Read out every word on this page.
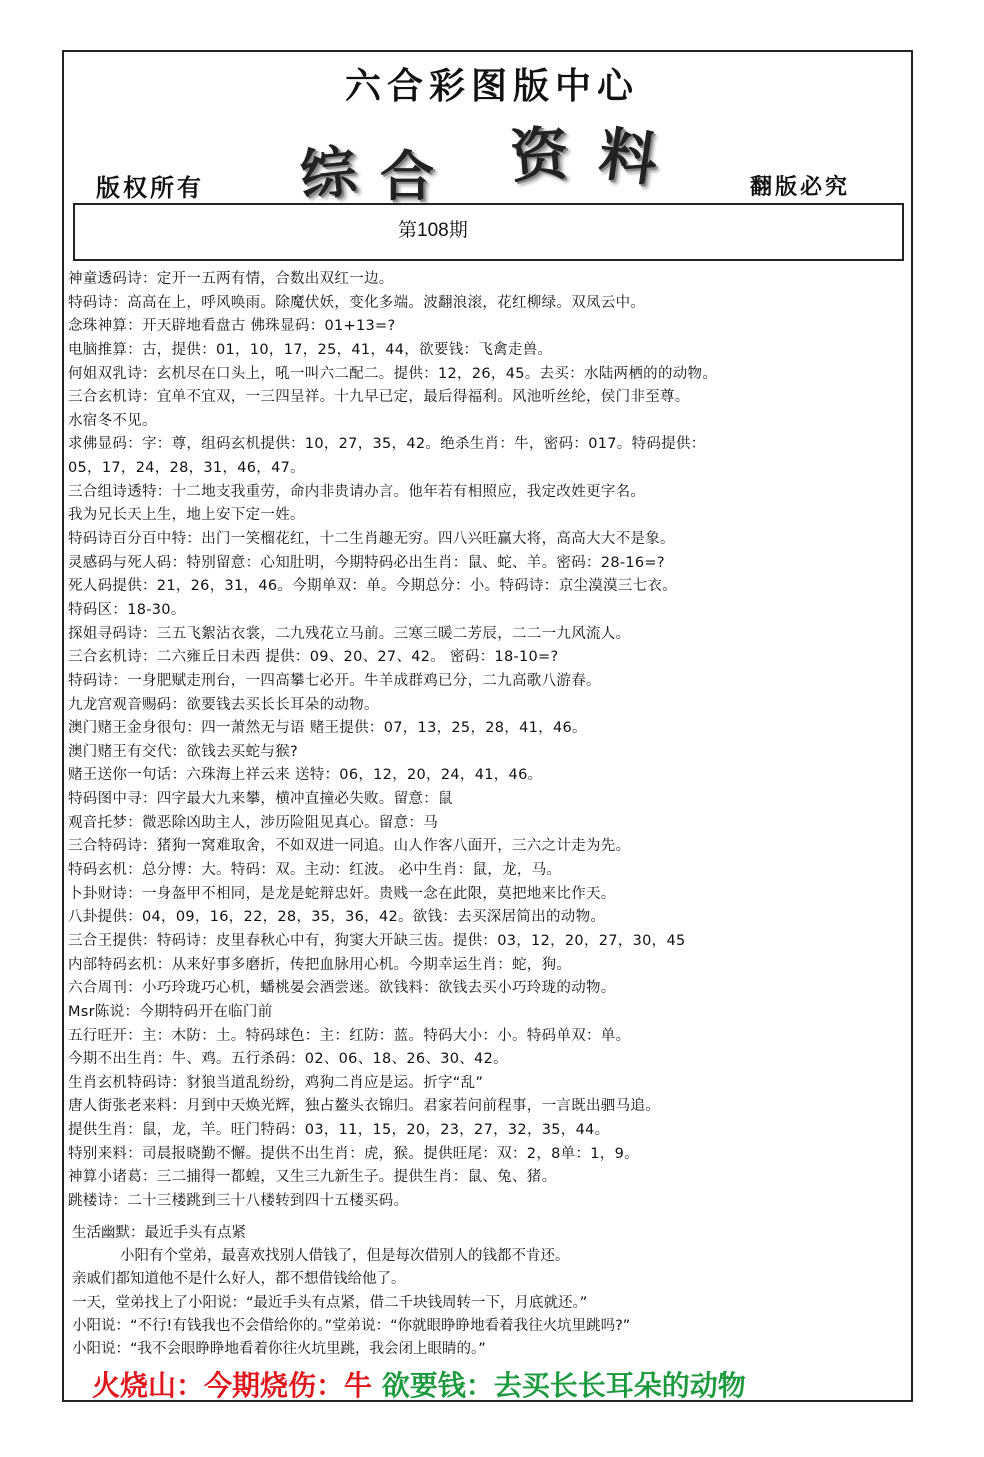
六合彩图版中心
综 合 资 料
版权所有	翻版必究
第108期
神童透码诗：定开一五两有情，合数出双红一边。
特码诗：高高在上，呼风唤雨。除魔伏妖，变化多端。波翻浪滚，花红柳绿。双凤云中。
念珠神算：开天辟地看盘古 佛珠显码：01+13=?
电脑推算：古，提供：01，10，17，25，41，44，欲要钱：飞禽走兽。
何姐双乳诗：玄机尽在口头上，吼一叫六二配二。提供：12，26，45。去买：水陆两栖的的动物。
三合玄机诗：宜单不宜双，一三四呈祥。十九早已定，最后得福利。风池听丝纶，侯门非至尊。
水宿冬不见。
求佛显码：字：尊，组码玄机提供：10，27，35，42。绝杀生肖：牛，密码：017。特码提供：
05，17，24，28，31，46，47。
三合组诗透特：十二地支我重劳，命内非贵请办言。他年若有相照应，我定改姓更字名。
我为兄长天上生，地上安下定一姓。
特码诗百分百中特：出门一笑榴花红，十二生肖趣无穷。四八兴旺赢大将，高高大大不是象。
灵感码与死人码：特别留意：心知肚明，今期特码必出生肖：鼠、蛇、羊。密码：28-16=?
死人码提供：21，26，31，46。今期单双：单。今期总分：小。特码诗：京尘漠漠三七衣。
特码区：18-30。
探姐寻码诗：三五飞絮沾衣裳，二九残花立马前。三寒三暖二芳辰，二二一九风流人。
三合玄机诗：二六雍丘日未西 提供：09、20、27、42。 密码：18-10=?
特码诗：一身肥赋走刑台，一四高攀七必开。牛羊成群鸡已分，二九高歌八游春。
九龙宫观音赐码：欲要钱去买长长耳朵的动物。
澳门赌王金身很句：四一萧然无与语 赌王提供：07，13，25，28，41，46。
澳门赌王有交代：欲钱去买蛇与猴?
赌王送你一句话：六珠海上祥云来 送特：06，12，20，24，41，46。
特码图中寻：四字最大九来攀，横冲直撞必失败。留意：鼠
观音托梦：微恶除凶助主人，涉历险阻见真心。留意：马
三合特码诗：猪狗一窝难取舍，不如双进一同追。山人作客八面开，三六之计走为先。
特码玄机：总分博：大。特码：双。主动：红波。 必中生肖：鼠，龙，马。
卜卦财诗：一身盔甲不相同，是龙是蛇辩忠奸。贵贱一念在此限，莫把地来比作天。
八卦提供：04，09，16，22，28，35，36，42。欲钱：去买深居简出的动物。
三合王提供：特码诗：皮里春秋心中有，狗窦大开缺三齿。提供：03，12，20，27，30，45
内部特码玄机：从来好事多磨折，传把血脉用心机。今期幸运生肖：蛇，狗。
六合周刊：小巧玲珑巧心机，蟠桃晏会酒尝迷。欲钱料：欲钱去买小巧玲珑的动物。
Msr陈说：今期特码开在临门前
五行旺开：主：木防：土。特码球色：主：红防：蓝。特码大小：小。特码单双：单。
今期不出生肖：牛、鸡。五行杀码：02、06、18、26、30、42。
生肖玄机特码诗：豺狼当道乱纷纷，鸡狗二肖应是运。折字“乱”
唐人街张老来料：月到中天焕光辉，独占鳌头衣锦归。君家若问前程事，一言既出驷马追。
提供生肖：鼠，龙，羊。旺门特码：03，11，15，20，23，27，32，35，44。
特别来料：司晨报晓勤不懈。提供不出生肖：虎，猴。提供旺尾：双：2，8单：1，9。
神算小诸葛：三二捕得一都蝗，又生三九新生子。提供生肖：鼠、兔、猪。
跳楼诗：二十三楼跳到三十八楼转到四十五楼买码。
生活幽默：最近手头有点紧
小阳有个堂弟，最喜欢找别人借钱了，但是每次借别人的钱都不肯还。
亲戚们都知道他不是什么好人，都不想借钱给他了。
一天，堂弟找上了小阳说：“最近手头有点紧，借二千块钱周转一下，月底就还。”
小阳说：“不行!有钱我也不会借给你的。”堂弟说：“你就眼睁睁地看着我往火坑里跳吗?”
小阳说：“我不会眼睁睁地看着你往火坑里跳，我会闭上眼睛的。”
火烧山：今期烧伤：牛 欲要钱：去买长长耳朵的动物
